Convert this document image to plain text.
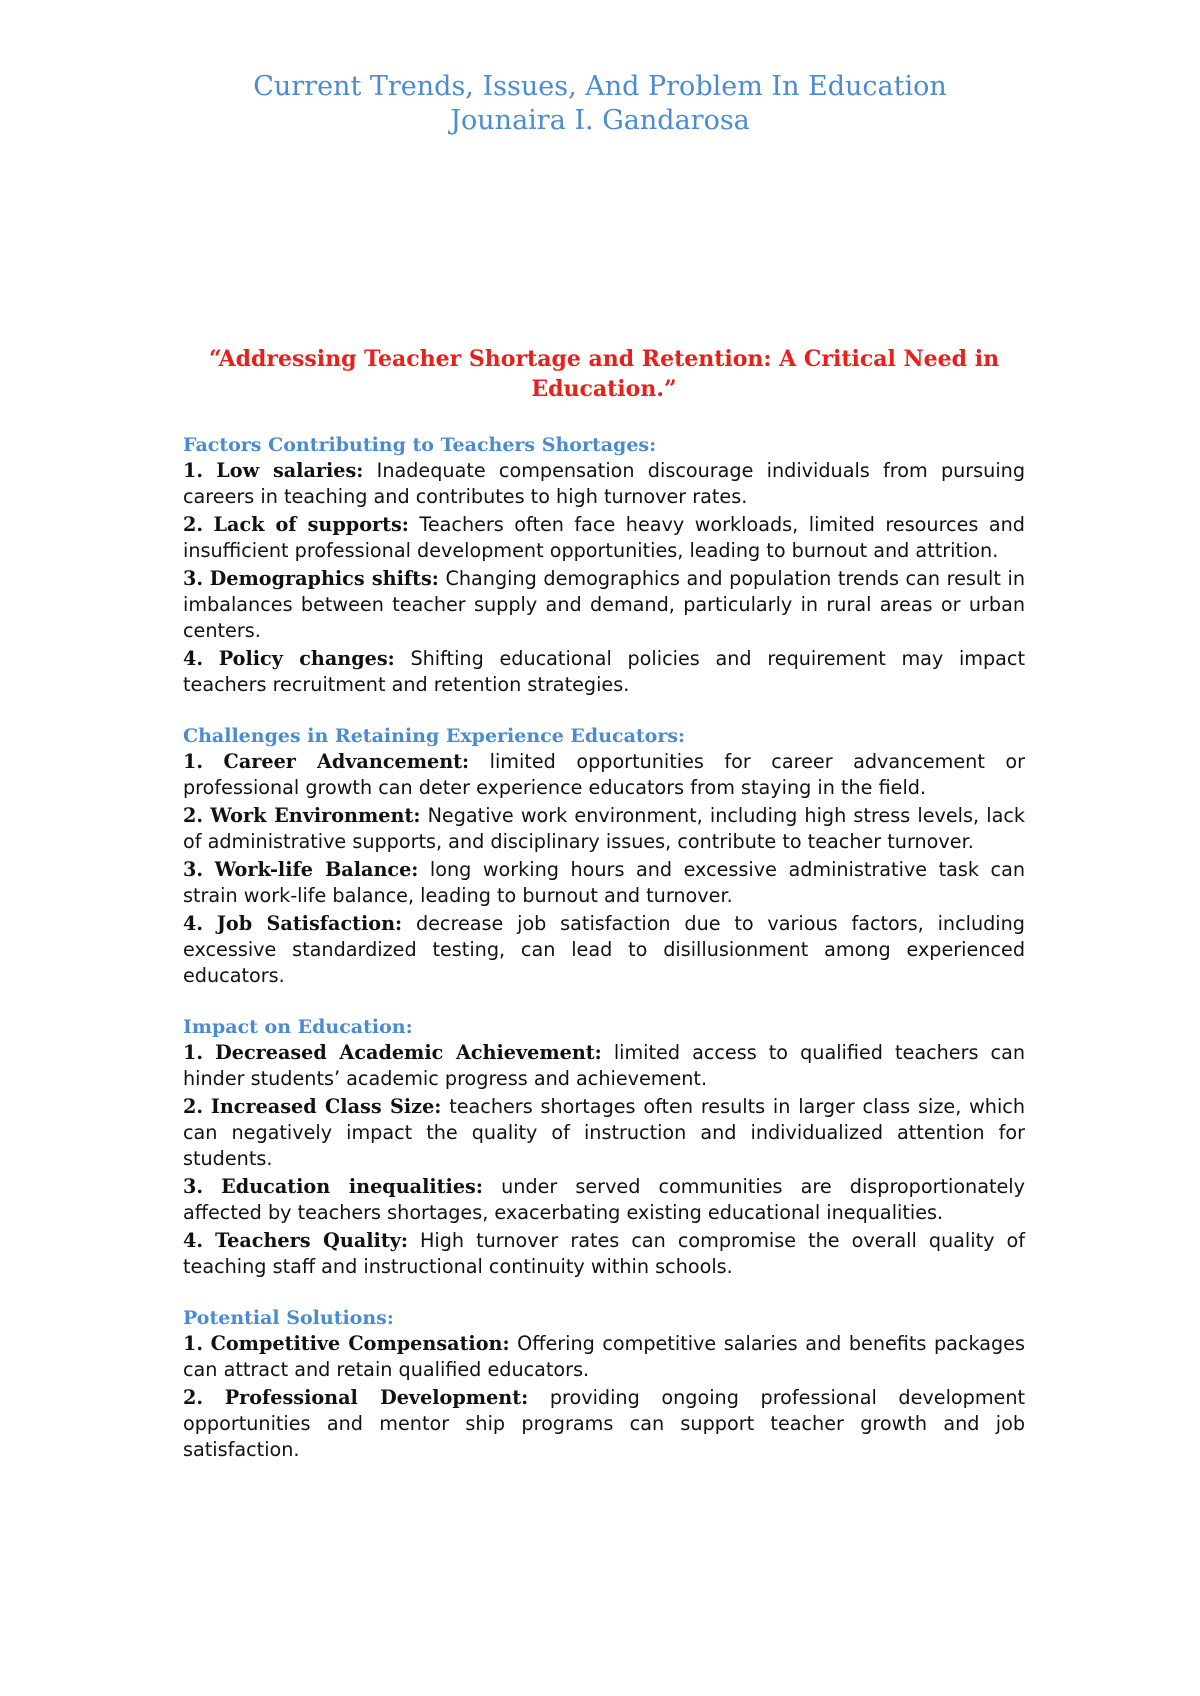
Current Trends, Issues, And Problem In Education
Jounaira I. Gandarosa
“Addressing Teacher Shortage and Retention: A Critical Need in Education.”
Factors Contributing to Teachers Shortages:
1. Low salaries: Inadequate compensation discourage individuals from pursuing careers in teaching and contributes to high turnover rates.
2. Lack of supports: Teachers often face heavy workloads, limited resources and insufficient professional development opportunities, leading to burnout and attrition.
3. Demographics shifts: Changing demographics and population trends can result in imbalances between teacher supply and demand, particularly in rural areas or urban centers.
4. Policy changes: Shifting educational policies and requirement may impact teachers recruitment and retention strategies.
Challenges in Retaining Experience Educators:
1. Career Advancement: limited opportunities for career advancement or professional growth can deter experience educators from staying in the field.
2. Work Environment: Negative work environment, including high stress levels, lack of administrative supports, and disciplinary issues, contribute to teacher turnover.
3. Work-life Balance: long working hours and excessive administrative task can strain work-life balance, leading to burnout and turnover.
4. Job Satisfaction: decrease job satisfaction due to various factors, including excessive standardized testing, can lead to disillusionment among experienced educators.
Impact on Education:
1. Decreased Academic Achievement: limited access to qualified teachers can hinder students’ academic progress and achievement.
2. Increased Class Size: teachers shortages often results in larger class size, which can negatively impact the quality of instruction and individualized attention for students.
3. Education inequalities: under served communities are disproportionately affected by teachers shortages, exacerbating existing educational inequalities.
4. Teachers Quality: High turnover rates can compromise the overall quality of teaching staff and instructional continuity within schools.
Potential Solutions:
1. Competitive Compensation: Offering competitive salaries and benefits packages can attract and retain qualified educators.
2. Professional Development: providing ongoing professional development opportunities and mentor ship programs can support teacher growth and job satisfaction.
